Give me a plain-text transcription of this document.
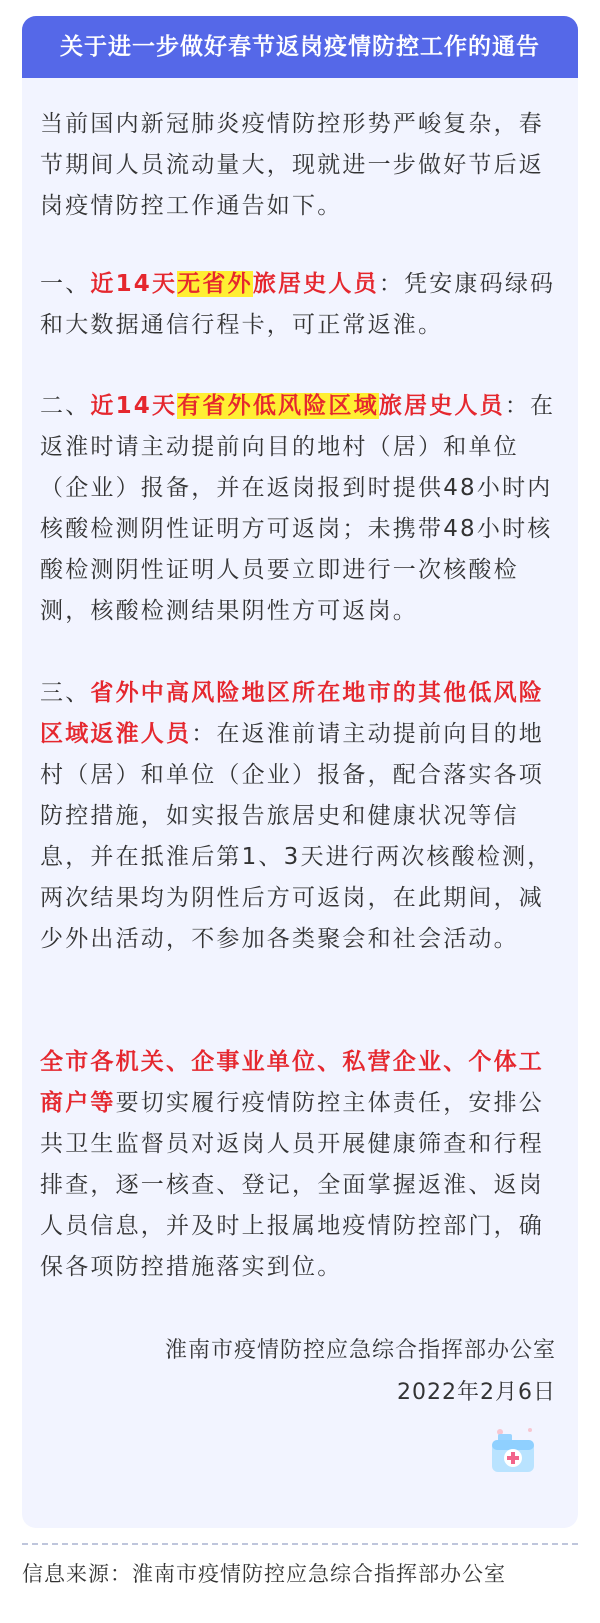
关于进一步做好春节返岗疫情防控工作的通告

当前国内新冠肺炎疫情防控形势严峻复杂，春节期间人员流动量大，现就进一步做好节后返岗疫情防控工作通告如下。

一、近14天无省外旅居史人员：凭安康码绿码和大数据通信行程卡，可正常返淮。

二、近14天有省外低风险区域旅居史人员：在返淮时请主动提前向目的地村（居）和单位（企业）报备，并在返岗报到时提供48小时内核酸检测阴性证明方可返岗；未携带48小时核酸检测阴性证明人员要立即进行一次核酸检测，核酸检测结果阴性方可返岗。

三、省外中高风险地区所在地市的其他低风险区域返淮人员：在返淮前请主动提前向目的地村（居）和单位（企业）报备，配合落实各项防控措施，如实报告旅居史和健康状况等信息，并在抵淮后第1、3天进行两次核酸检测，两次结果均为阴性后方可返岗，在此期间，减少外出活动，不参加各类聚会和社会活动。

全市各机关、企事业单位、私营企业、个体工商户等要切实履行疫情防控主体责任，安排公共卫生监督员对返岗人员开展健康筛查和行程排查，逐一核查、登记，全面掌握返淮、返岗人员信息，并及时上报属地疫情防控部门，确保各项防控措施落实到位。

淮南市疫情防控应急综合指挥部办公室
2022年2月6日
信息来源：淮南市疫情防控应急综合指挥部办公室
